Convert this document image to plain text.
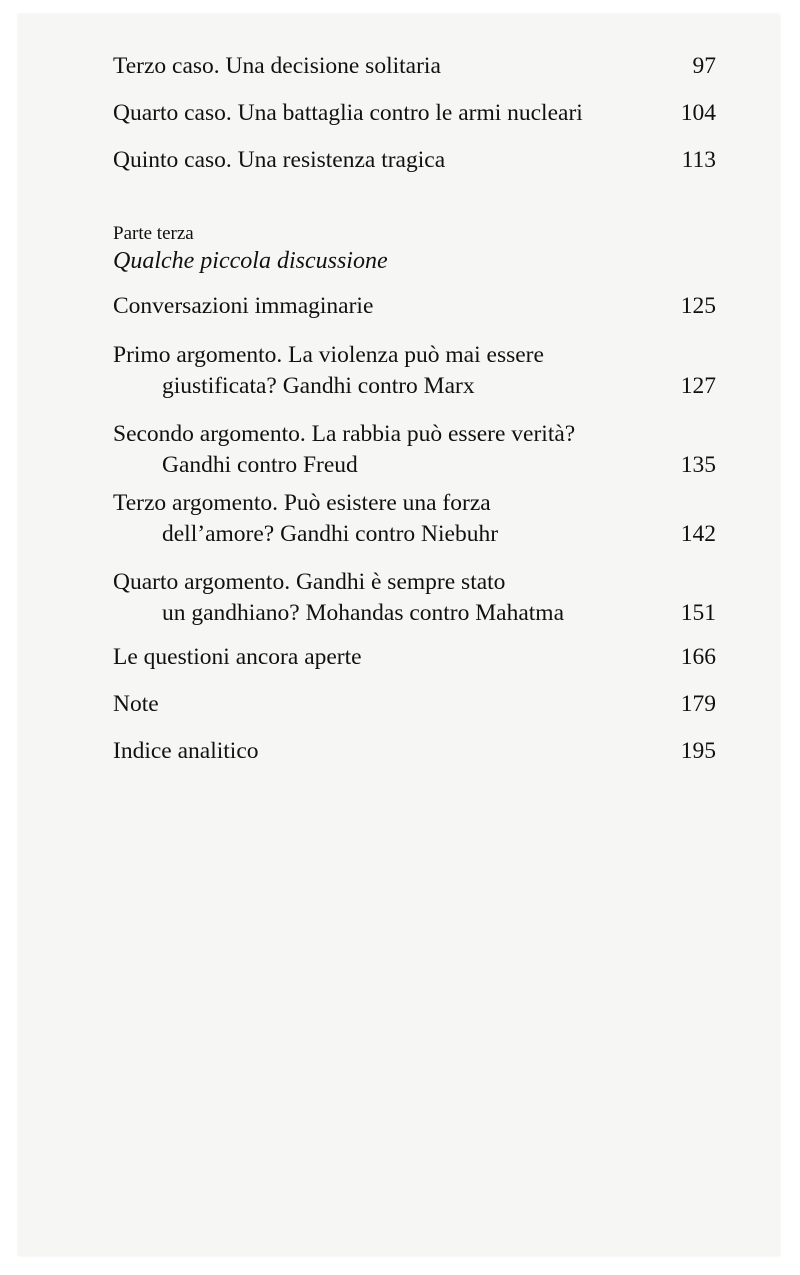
Terzo caso. Una decisione solitaria	97
Quarto caso. Una battaglia contro le armi nucleari	104
Quinto caso. Una resistenza tragica	113
Parte terza
Qualche piccola discussione
Conversazioni immaginarie	125
Primo argomento. La violenza può mai essere
giustificata? Gandhi contro Marx	127
Secondo argomento. La rabbia può essere verità?
Gandhi contro Freud	135
Terzo argomento. Può esistere una forza
dell’amore? Gandhi contro Niebuhr	142
Quarto argomento. Gandhi è sempre stato
un gandhiano? Mohandas contro Mahatma	151
Le questioni ancora aperte	166
Note	179
Indice analitico	195
